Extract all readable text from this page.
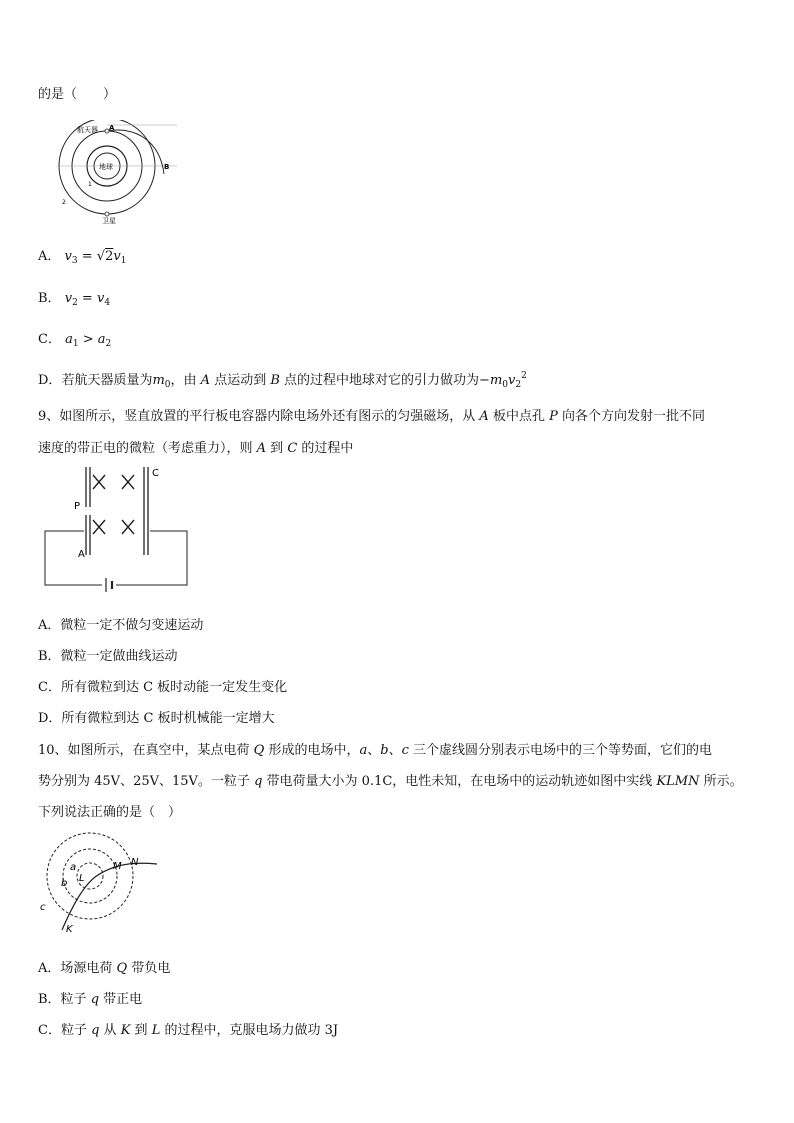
的是（　　）
航天器 A
B
地球
1
2
卫星
A． $v_3 = √2v_1$
B． $v_2 = v_4$
C． $a_1 > a_2$
D．若航天器质量为$m_0$，由 A 点运动到 B 点的过程中地球对它的引力做功为$-m_0v_2^2$
9、如图所示，竖直放置的平行板电容器内除电场外还有图示的匀强磁场，从 A 板中点孔 P 向各个方向发射一批不同
速度的带正电的微粒（考虑重力），则 A 到 C 的过程中
P
A
C
A．微粒一定不做匀变速运动
B．微粒一定做曲线运动
C．所有微粒到达 C 板时动能一定发生变化
D．所有微粒到达 C 板时机械能一定增大
10、如图所示，在真空中，某点电荷 Q 形成的电场中，a、b、c 三个虚线圆分别表示电场中的三个等势面，它们的电
势分别为 45V、25V、15V。一粒子 q 带电荷量大小为 0.1C，电性未知，在电场中的运动轨迹如图中实线 KLMN 所示。
下列说法正确的是（　）
a
b
c
L
M N
K
A．场源电荷 Q 带负电
B．粒子 q 带正电
C．粒子 q 从 K 到 L 的过程中，克服电场力做功 3J
